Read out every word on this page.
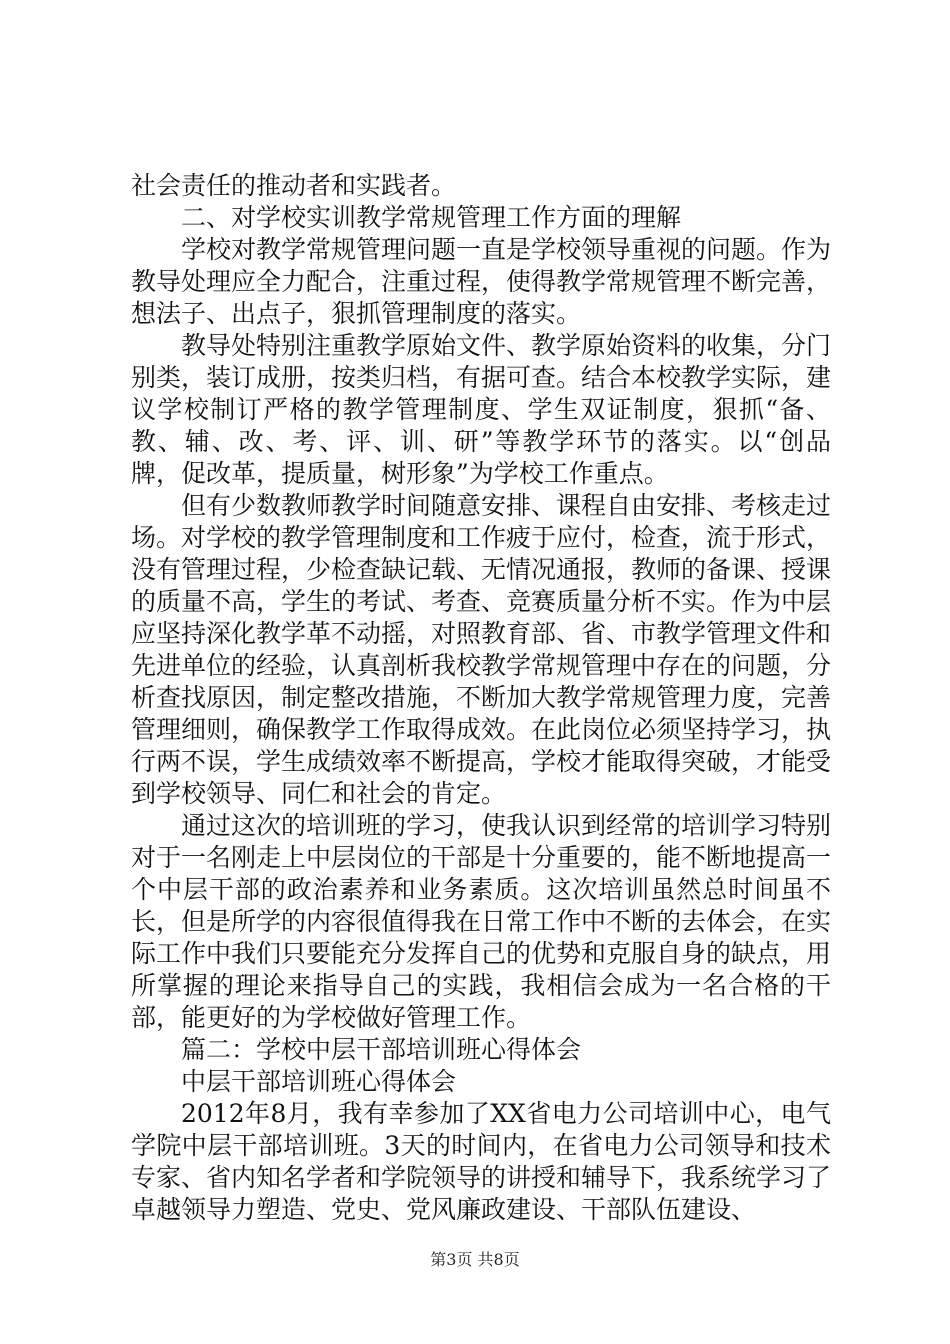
社会责任的推动者和实践者。

二、对学校实训教学常规管理工作方面的理解

学校对教学常规管理问题一直是学校领导重视的问题。作为教导处理应全力配合，注重过程，使得教学常规管理不断完善，想法子、出点子，狠抓管理制度的落实。

教导处特别注重教学原始文件、教学原始资料的收集，分门别类，装订成册，按类归档，有据可查。结合本校教学实际，建议学校制订严格的教学管理制度、学生双证制度，狠抓“备、教、辅、改、考、评、训、研”等教学环节的落实。以“创品牌，促改革，提质量，树形象”为学校工作重点。

但有少数教师教学时间随意安排、课程自由安排、考核走过场。对学校的教学管理制度和工作疲于应付，检查，流于形式，没有管理过程，少检查缺记载、无情况通报，教师的备课、授课的质量不高，学生的考试、考查、竞赛质量分析不实。作为中层应坚持深化教学革不动摇，对照教育部、省、市教学管理文件和先进单位的经验，认真剖析我校教学常规管理中存在的问题，分析查找原因，制定整改措施，不断加大教学常规管理力度，完善管理细则，确保教学工作取得成效。在此岗位必须坚持学习，执行两不误，学生成绩效率不断提高，学校才能取得突破，才能受到学校领导、同仁和社会的肯定。

通过这次的培训班的学习，使我认识到经常的培训学习特别对于一名刚走上中层岗位的干部是十分重要的，能不断地提高一个中层干部的政治素养和业务素质。这次培训虽然总时间虽不长，但是所学的内容很值得我在日常工作中不断的去体会，在实际工作中我们只要能充分发挥自己的优势和克服自身的缺点，用所掌握的理论来指导自己的实践，我相信会成为一名合格的干部，能更好的为学校做好管理工作。

篇二：学校中层干部培训班心得体会

中层干部培训班心得体会

2012年8月，我有幸参加了XX省电力公司培训中心，电气学院中层干部培训班。3天的时间内，在省电力公司领导和技术专家、省内知名学者和学院领导的讲授和辅导下，我系统学习了卓越领导力塑造、党史、党风廉政建设、干部队伍建设、

第3页 共8页
